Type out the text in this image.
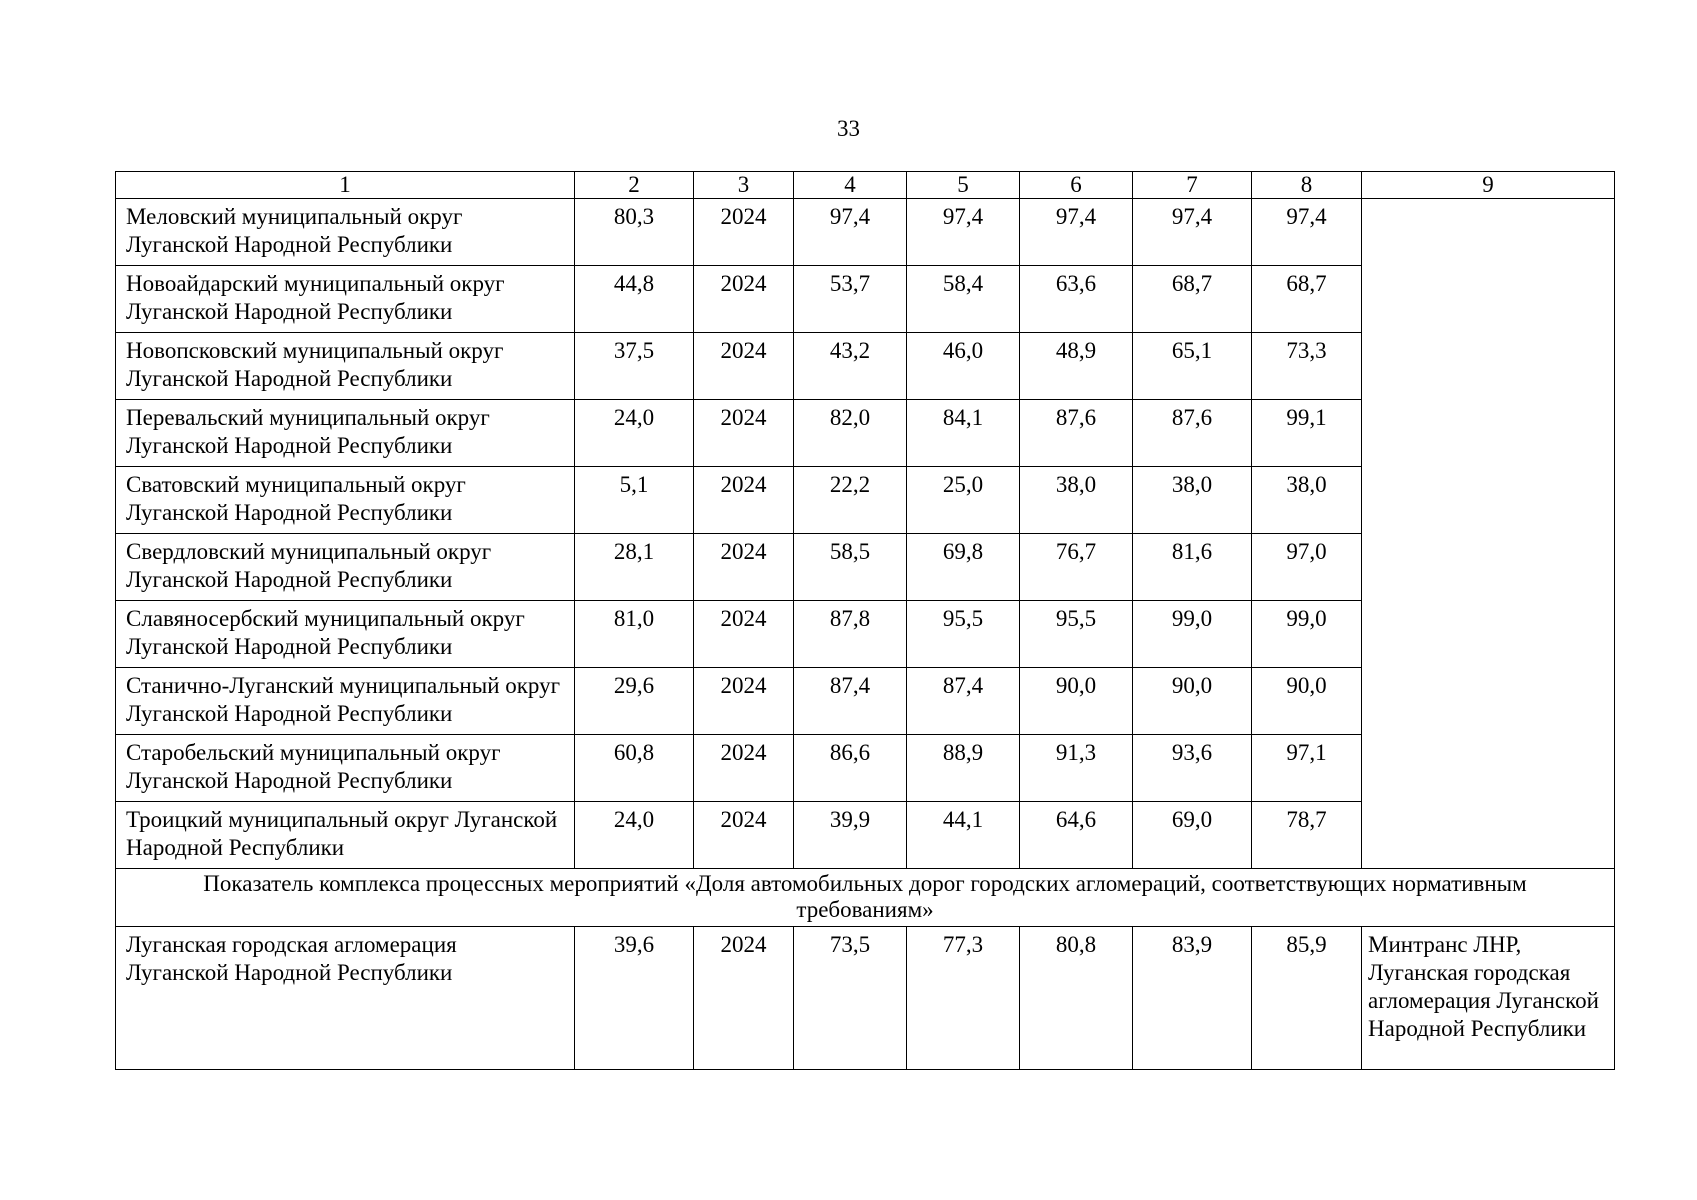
33
1	2	3	4	5	6	7	8	9
Меловский муниципальный округ Луганской Народной Республики	80,3	2024	97,4	97,4	97,4	97,4	97,4	
Новоайдарский муниципальный округ Луганской Народной Республики	44,8	2024	53,7	58,4	63,6	68,7	68,7	
Новопсковский муниципальный округ Луганской Народной Республики	37,5	2024	43,2	46,0	48,9	65,1	73,3	
Перевальский муниципальный округ Луганской Народной Республики	24,0	2024	82,0	84,1	87,6	87,6	99,1	
Сватовский муниципальный округ Луганской Народной Республики	5,1	2024	22,2	25,0	38,0	38,0	38,0	
Свердловский муниципальный округ Луганской Народной Республики	28,1	2024	58,5	69,8	76,7	81,6	97,0	
Славяносербский муниципальный округ Луганской Народной Республики	81,0	2024	87,8	95,5	95,5	99,0	99,0	
Станично-Луганский муниципальный округ Луганской Народной Республики	29,6	2024	87,4	87,4	90,0	90,0	90,0	
Старобельский муниципальный округ Луганской Народной Республики	60,8	2024	86,6	88,9	91,3	93,6	97,1	
Троицкий муниципальный округ Луганской Народной Республики	24,0	2024	39,9	44,1	64,6	69,0	78,7	
Показатель комплекса процессных мероприятий «Доля автомобильных дорог городских агломераций, соответствующих нормативным требованиям»								
Луганская городская агломерация Луганской Народной Республики	39,6	2024	73,5	77,3	80,8	83,9	85,9	Минтранс ЛНР, Луганская городская агломерация Луганской Народной Республики
